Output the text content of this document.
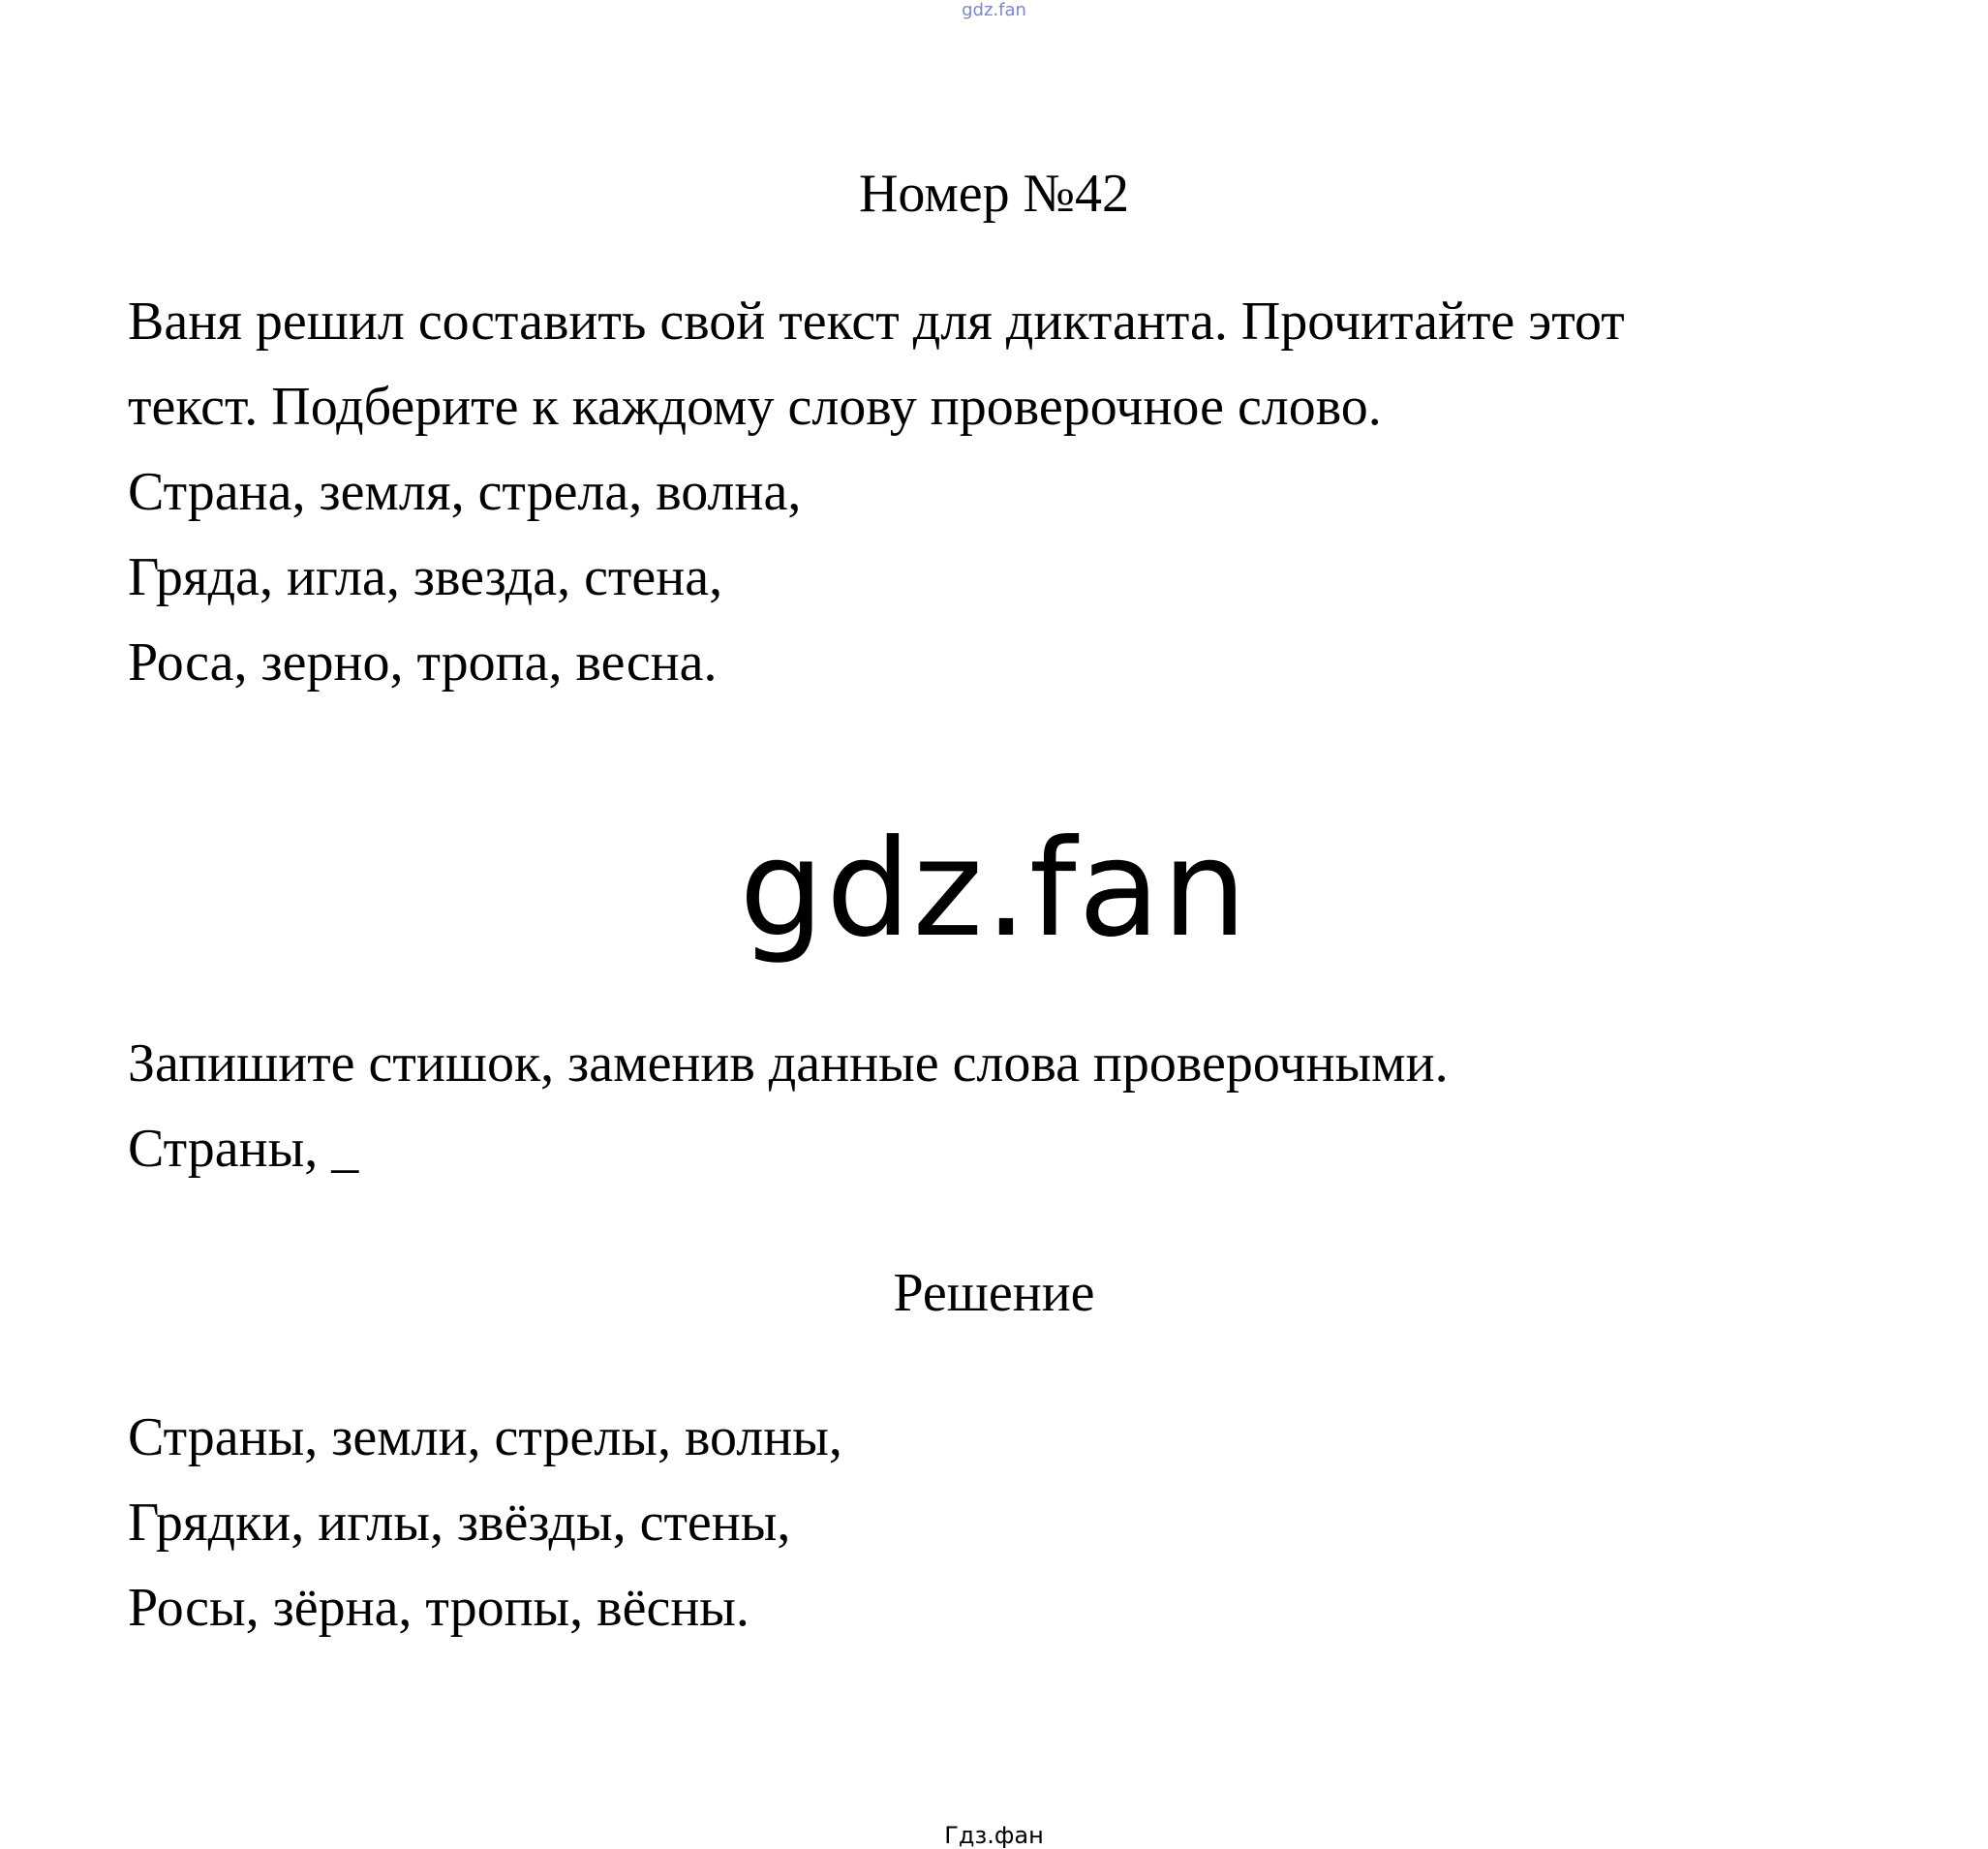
gdz.fan
Номер №42
Ваня решил составить свой текст для диктанта. Прочитайте этот
текст. Подберите к каждому слову проверочное слово.
Страна, земля, стрела, волна,
Гряда, игла, звезда, стена,
Роса, зерно, тропа, весна.
gdz.fan
Запишите стишок, заменив данные слова проверочными.
Страны, _
Решение
Страны, земли, стрелы, волны,
Грядки, иглы, звёзды, стены,
Росы, зёрна, тропы, вёсны.
Гдз.фан
